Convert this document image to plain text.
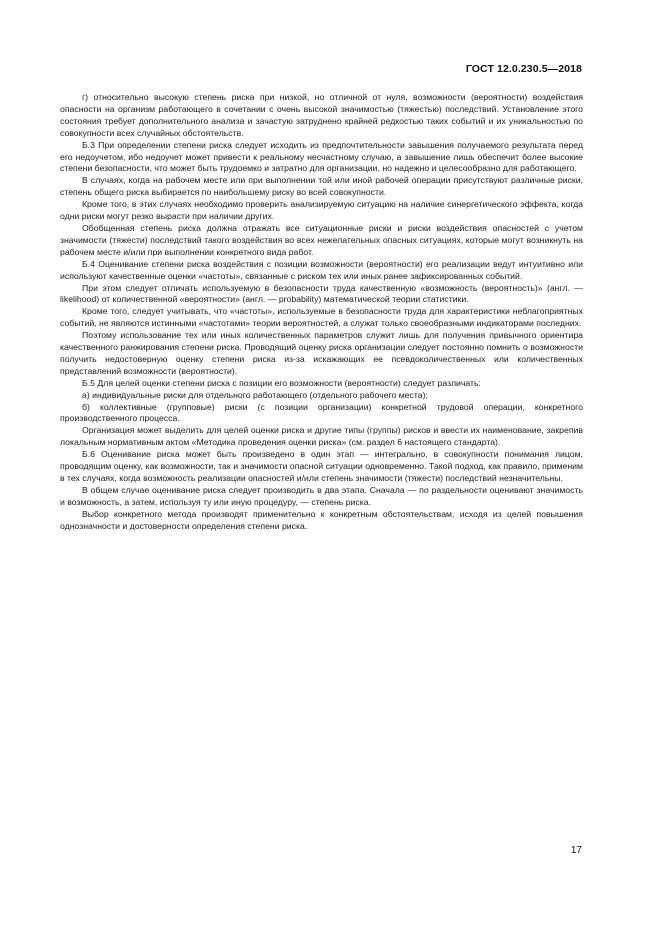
ГОСТ 12.0.230.5—2018

г) относительно высокую степень риска при низкой, но отличной от нуля, возможности (вероятности) воздействия опасности на организм работающего в сочетании с очень высокой значимостью (тяжестью) последствий. Установление этого состояния требует дополнительного анализа и зачастую затруднено крайней редкостью таких событий и их уникальностью по совокупности всех случайных обстоятельств.

Б.3 При определении степени риска следует исходить из предпочтительности завышения получаемого результата перед его недоучетом, ибо недоучет может привести к реальному несчастному случаю, а завышение лишь обеспечит более высокие степени безопасности, что может быть трудоемко и затратно для организации, но надежно и целесообразно для работающего.

В случаях, когда на рабочем месте или при выполнении той или иной рабочей операции присутствуют различные риски, степень общего риска выбирается по наибольшему риску во всей совокупности.

Кроме того, в этих случаях необходимо проверить анализируемую ситуацию на наличие синергетического эффекта, когда одни риски могут резко вырасти при наличии других.

Обобщенная степень риска должна отражать все ситуационные риски и риски воздействия опасностей с учетом значимости (тяжести) последствий такого воздействия во всех нежелательных опасных ситуациях, которые могут возникнуть на рабочем месте и/или при выполнении конкретного вида работ.

Б.4 Оценивание степени риска воздействия с позиции возможности (вероятности) его реализации ведут интуитивно или используют качественные оценки «частоты», связанные с риском тех или иных ранее зафиксированных событий.

При этом следует отличать используемую в безопасности труда качественную «возможность (вероятность)» (англ. — likelihood) от количественной «вероятности» (англ. — probability) математической теории статистики.

Кроме того, следует учитывать, что «частоты», используемые в безопасности труда для характеристики неблагоприятных событий, не являются истинными «частотами» теории вероятностей, а служат только своеобразными индикаторами последних.

Поэтому использование тех или иных количественных параметров служит лишь для получения привычного ориентира качественного ранжирования степени риска. Проводящий оценку риска организации следует постоянно помнить о возможности получить недостоверную оценку степени риска из-за искажающих ее псевдоколичественных или количественных представлений возможности (вероятности).

Б.5 Для целей оценки степени риска с позиции его возможности (вероятности) следует различать:

а) индивидуальные риски для отдельного работающего (отдельного рабочего места);

б) коллективные (групповые) риски (с позиции организации) конкретной трудовой операции, конкретного производственного процесса.

Организация может выделить для целей оценки риска и другие типы (группы) рисков и ввести их наименование, закрепив локальным нормативным актом «Методика проведения оценки риска» (см. раздел 6 настоящего стандарта).

Б.6 Оценивание риска может быть произведено в один этап — интегрально, в совокупности понимания лицом, проводящим оценку, как возможности, так и значимости опасной ситуации одновременно. Такой подход, как правило, применим в тех случаях, когда возможность реализации опасностей и/или степень значимости (тяжести) последствий незначительны.

В общем случае оценивание риска следует производить в два этапа. Сначала — по раздельности оценивают значимость и возможность, а затем, используя ту или иную процедуру, — степень риска.

Выбор конкретного метода производят применительно к конкретным обстоятельствам, исходя из целей повышения однозначности и достоверности определения степени риска.

17
